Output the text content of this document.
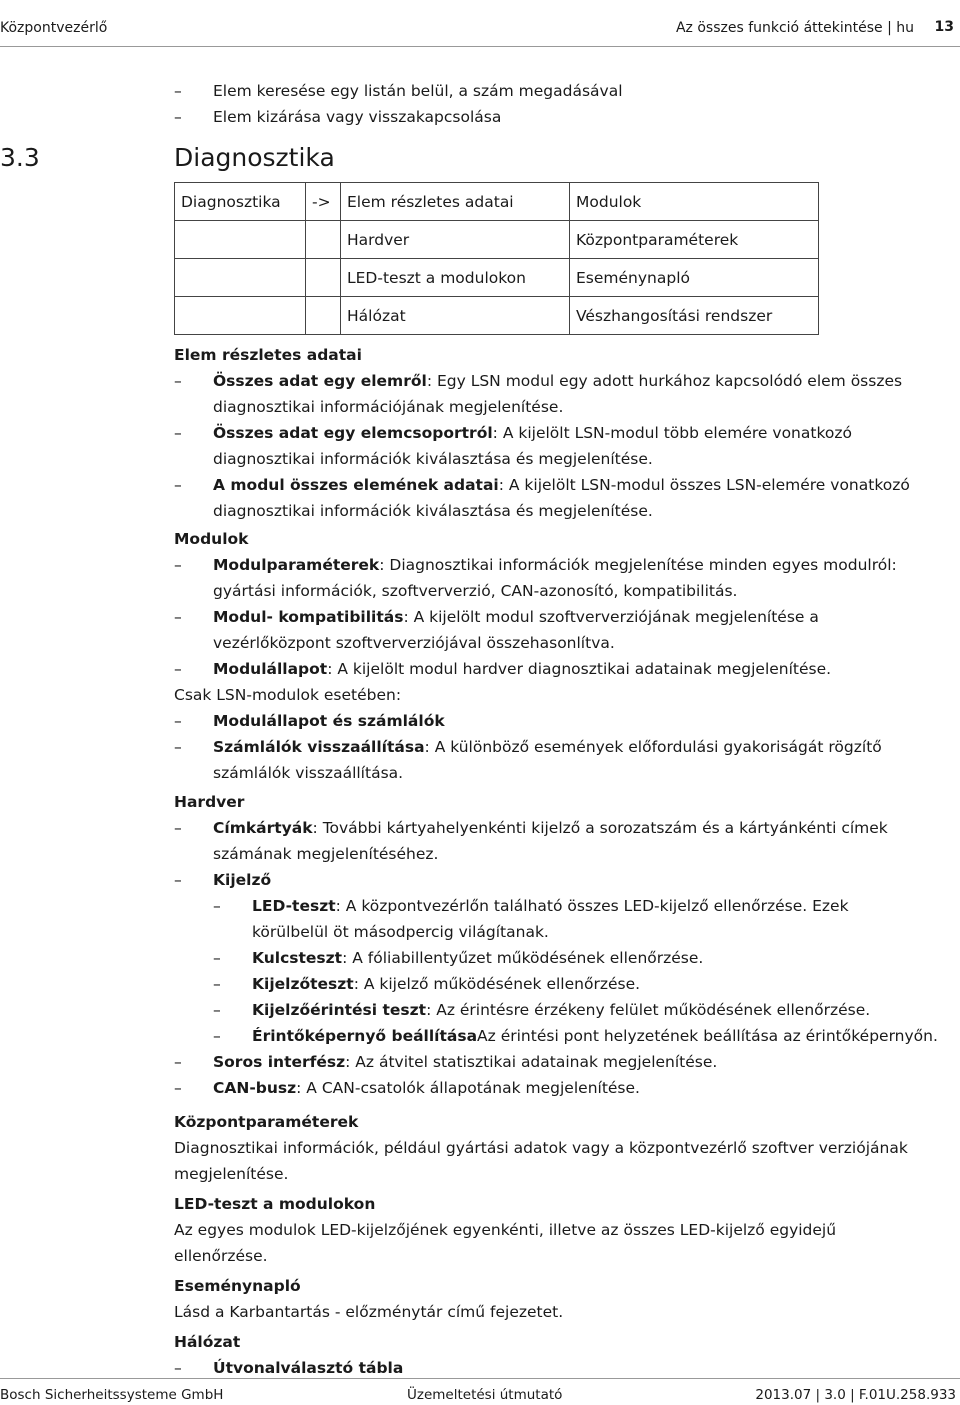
Központvezérlő	Az összes funkció áttekintése | hu 13
– Elem keresése egy listán belül, a szám megadásával
– Elem kizárása vagy visszakapcsolása
3.3	Diagnosztika
Diagnosztika	->	Elem részletes adatai	Modulok
		Hardver	Központparaméterek
		LED-teszt a modulokon	Eseménynapló
		Hálózat	Vészhangosítási rendszer
Elem részletes adatai
– Összes adat egy elemről: Egy LSN modul egy adott hurkához kapcsolódó elem összes
diagnosztikai információjának megjelenítése.
– Összes adat egy elemcsoportról: A kijelölt LSN-modul több elemére vonatkozó
diagnosztikai információk kiválasztása és megjelenítése.
– A modul összes elemének adatai: A kijelölt LSN-modul összes LSN-elemére vonatkozó
diagnosztikai információk kiválasztása és megjelenítése.
Modulok
– Modulparaméterek: Diagnosztikai információk megjelenítése minden egyes modulról:
gyártási információk, szoftververzió, CAN-azonosító, kompatibilitás.
– Modul- kompatibilitás: A kijelölt modul szoftververziójának megjelenítése a
vezérlőközpont szoftververziójával összehasonlítva.
– Modulállapot: A kijelölt modul hardver diagnosztikai adatainak megjelenítése.
Csak LSN-modulok esetében:
– Modulállapot és számlálók
– Számlálók visszaállítása: A különböző események előfordulási gyakoriságát rögzítő
számlálók visszaállítása.
Hardver
– Címkártyák: További kártyahelyenkénti kijelző a sorozatszám és a kártyánkénti címek
számának megjelenítéséhez.
– Kijelző
– LED-teszt: A központvezérlőn található összes LED-kijelző ellenőrzése. Ezek
körülbelül öt másodpercig világítanak.
– Kulcsteszt: A fóliabillentyűzet működésének ellenőrzése.
– Kijelzőteszt: A kijelző működésének ellenőrzése.
– Kijelzőérintési teszt: Az érintésre érzékeny felület működésének ellenőrzése.
– Érintőképernyő beállításaAz érintési pont helyzetének beállítása az érintőképernyőn.
– Soros interfész: Az átvitel statisztikai adatainak megjelenítése.
– CAN-busz: A CAN-csatolók állapotának megjelenítése.
Központparaméterek
Diagnosztikai információk, például gyártási adatok vagy a központvezérlő szoftver verziójának
megjelenítése.
LED-teszt a modulokon
Az egyes modulok LED-kijelzőjének egyenkénti, illetve az összes LED-kijelző egyidejű
ellenőrzése.
Eseménynapló
Lásd a Karbantartás - előzménytár című fejezetet.
Hálózat
– Útvonalválasztó tábla
Bosch Sicherheitssysteme GmbH	Üzemeltetési útmutató	2013.07 | 3.0 | F.01U.258.933
